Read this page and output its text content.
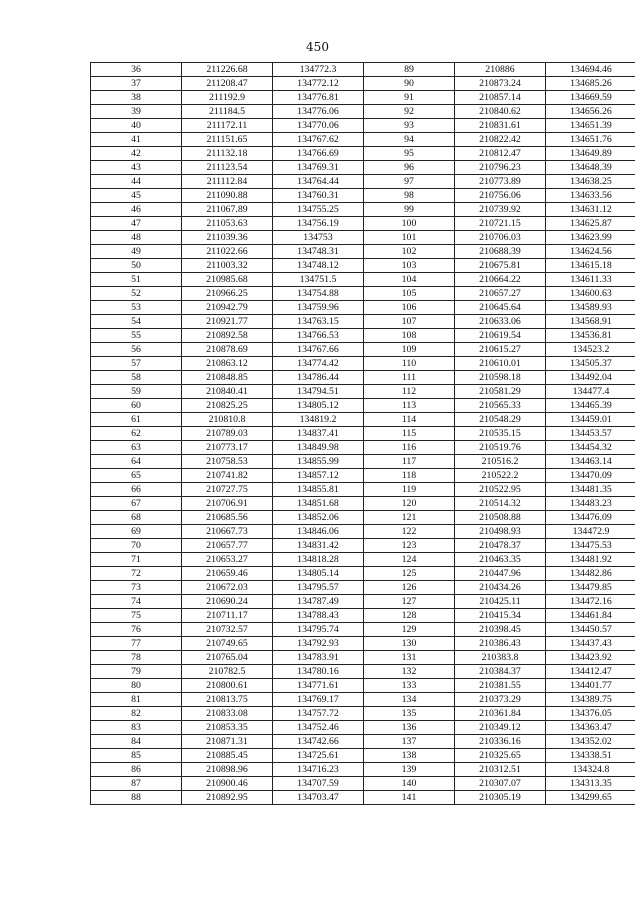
450
36	211226.68	134772.3	89	210886	134694.46
37	211208.47	134772.12	90	210873.24	134685.26
38	211192.9	134776.81	91	210857.14	134669.59
39	211184.5	134776.06	92	210840.62	134656.26
40	211172.11	134770.06	93	210831.61	134651.39
41	211151.65	134767.62	94	210822.42	134651.76
42	211132.18	134766.69	95	210812.47	134649.89
43	211123.54	134769.31	96	210796.23	134648.39
44	211112.84	134764.44	97	210773.89	134638.25
45	211090.88	134760.31	98	210756.06	134633.56
46	211067.89	134755.25	99	210739.92	134631.12
47	211053.63	134756.19	100	210721.15	134625.87
48	211039.36	134753	101	210706.03	134623.99
49	211022.66	134748.31	102	210688.39	134624.56
50	211003.32	134748.12	103	210675.81	134615.18
51	210985.68	134751.5	104	210664.22	134611.33
52	210966.25	134754.88	105	210657.27	134600.63
53	210942.79	134759.96	106	210645.64	134589.93
54	210921.77	134763.15	107	210633.06	134568.91
55	210892.58	134766.53	108	210619.54	134536.81
56	210878.69	134767.66	109	210615.27	134523.2
57	210863.12	134774.42	110	210610.01	134505.37
58	210848.85	134786.44	111	210598.18	134492.04
59	210840.41	134794.51	112	210581.29	134477.4
60	210825.25	134805.12	113	210565.33	134465.39
61	210810.8	134819.2	114	210548.29	134459.01
62	210789.03	134837.41	115	210535.15	134453.57
63	210773.17	134849.98	116	210519.76	134454.32
64	210758.53	134855.99	117	210516.2	134463.14
65	210741.82	134857.12	118	210522.2	134470.09
66	210727.75	134855.81	119	210522.95	134481.35
67	210706.91	134851.68	120	210514.32	134483.23
68	210685.56	134852.06	121	210508.88	134476.09
69	210667.73	134846.06	122	210498.93	134472.9
70	210657.77	134831.42	123	210478.37	134475.53
71	210653.27	134818.28	124	210463.35	134481.92
72	210659.46	134805.14	125	210447.96	134482.86
73	210672.03	134795.57	126	210434.26	134479.85
74	210690.24	134787.49	127	210425.11	134472.16
75	210711.17	134788.43	128	210415.34	134461.84
76	210732.57	134795.74	129	210398.45	134450.57
77	210749.65	134792.93	130	210386.43	134437.43
78	210765.04	134783.91	131	210383.8	134423.92
79	210782.5	134780.16	132	210384.37	134412.47
80	210800.61	134771.61	133	210381.55	134401.77
81	210813.75	134769.17	134	210373.29	134389.75
82	210833.08	134757.72	135	210361.84	134376.05
83	210853.35	134752.46	136	210349.12	134363.47
84	210871.31	134742.66	137	210336.16	134352.02
85	210885.45	134725.61	138	210325.65	134338.51
86	210898.96	134716.23	139	210312.51	134324.8
87	210900.46	134707.59	140	210307.07	134313.35
88	210892.95	134703.47	141	210305.19	134299.65
